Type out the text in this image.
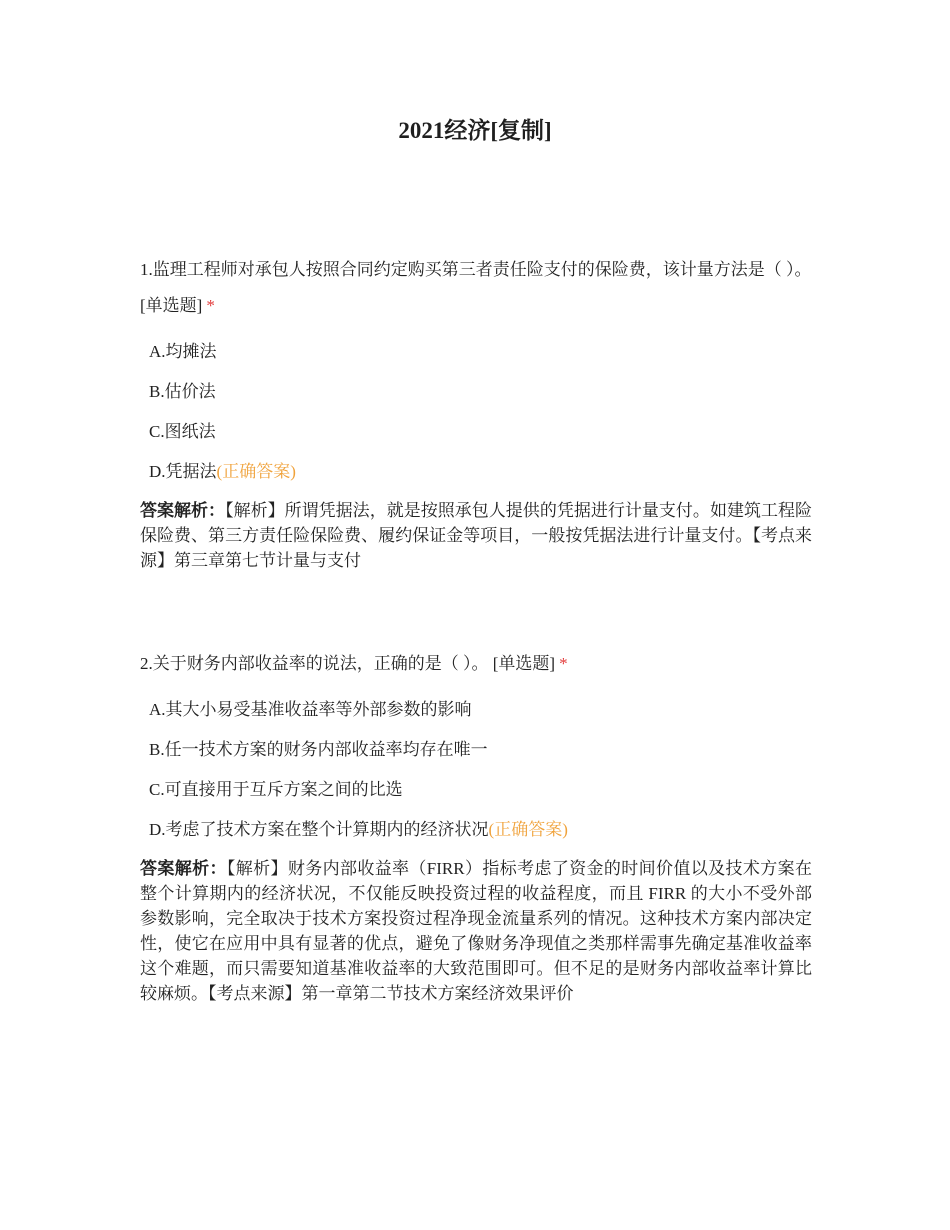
2021经济[复制]

1.监理工程师对承包人按照合同约定购买第三者责任险支付的保险费，该计量方法是（ ）。 [单选题] *

A.均摊法
B.估价法
C.图纸法
D.凭据法(正确答案)
答案解析：【解析】所谓凭据法，就是按照承包人提供的凭据进行计量支付。如建筑工程险保险费、第三方责任险保险费、履约保证金等项目，一般按凭据法进行计量支付。【考点来源】第三章第七节计量与支付

2.关于财务内部收益率的说法，正确的是（ ）。 [单选题] *

A.其大小易受基准收益率等外部参数的影响
B.任一技术方案的财务内部收益率均存在唯一
C.可直接用于互斥方案之间的比选
D.考虑了技术方案在整个计算期内的经济状况(正确答案)
答案解析：【解析】财务内部收益率（FIRR）指标考虑了资金的时间价值以及技术方案在整个计算期内的经济状况，不仅能反映投资过程的收益程度，而且 FIRR 的大小不受外部参数影响，完全取决于技术方案投资过程净现金流量系列的情况。这种技术方案内部决定性，使它在应用中具有显著的优点，避免了像财务净现值之类那样需事先确定基准收益率这个难题，而只需要知道基准收益率的大致范围即可。但不足的是财务内部收益率计算比较麻烦。【考点来源】第一章第二节技术方案经济效果评价
